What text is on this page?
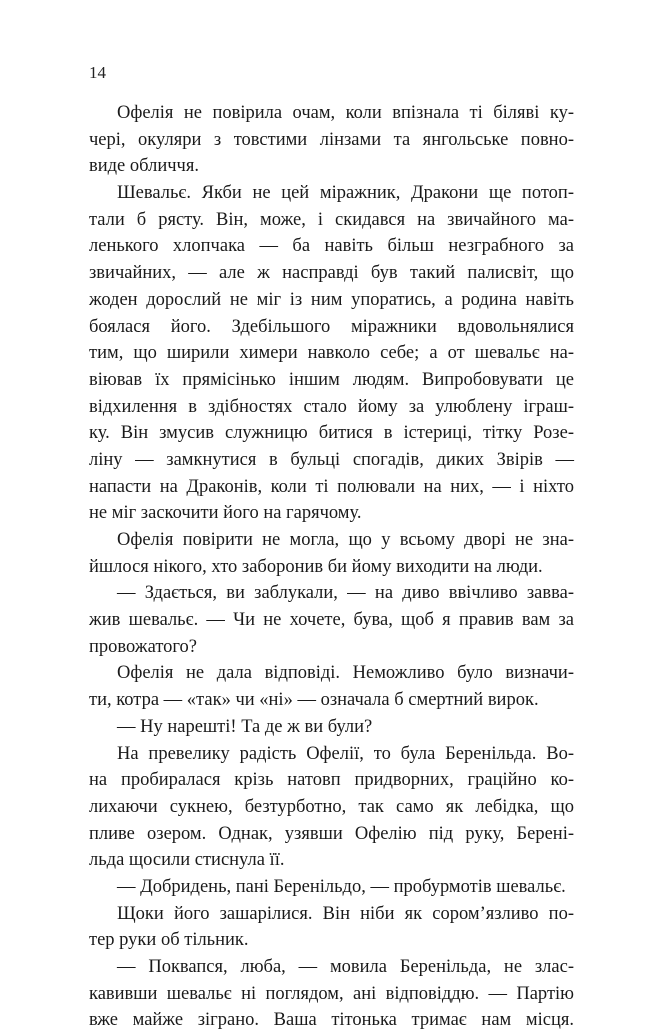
14
Офелія не повірила очам, коли впізнала ті біляві ку-
черi, окуляри з товстими лінзами та янгольське повно-
виде обличчя.
Шевальє. Якби не цей міражник, Дракони ще потоп-
тали б рясту. Він, може, і скидався на звичайного ма-
ленького хлопчака — ба навіть більш незграбного за
звичайних, — але ж насправді був такий палисвіт, що
жоден дорослий не міг із ним упоратись, а родина навіть
боялася його. Здебільшого міражники вдовольнялися
тим, що ширили химери навколо себе; а от шевальє на-
віював їх прямісінько іншим людям. Випробовувати це
відхилення в здібностях стало йому за улюблену іграш-
ку. Він змусив служницю битися в істериці, тітку Розе-
ліну — замкнутися в бульці спогадів, диких Звірів —
напасти на Драконів, коли ті полювали на них, — і ніхто
не міг заскочити його на гарячому.
Офелія повірити не могла, що у всьому дворі не зна-
йшлося нікого, хто заборонив би йому виходити на люди.
— Здається, ви заблукали, — на диво ввічливо завва-
жив шевальє. — Чи не хочете, бува, щоб я правив вам за
провожатого?
Офелія не дала відповіді. Неможливо було визначи-
ти, котра — «так» чи «ні» — означала б смертний вирок.
— Ну нарешті! Та де ж ви були?
На превелику радість Офелії, то була Беренільда. Во-
на пробиралася крізь натовп придворних, граційно ко-
лихаючи сукнею, безтурботно, так само як лебідка, що
пливе озером. Однак, узявши Офелію під руку, Берені-
льда щосили стиснула її.
— Добридень, пані Беренільдо, — пробурмотів шевальє.
Щоки його зашарілися. Він ніби як сором’язливо по-
тер руки об тільник.
— Поквапся, люба, — мовила Беренільда, не злас-
кавивши шевальє ні поглядом, ані відповіддю. — Партію
вже майже зіграно. Ваша тітонька тримає нам місця.
